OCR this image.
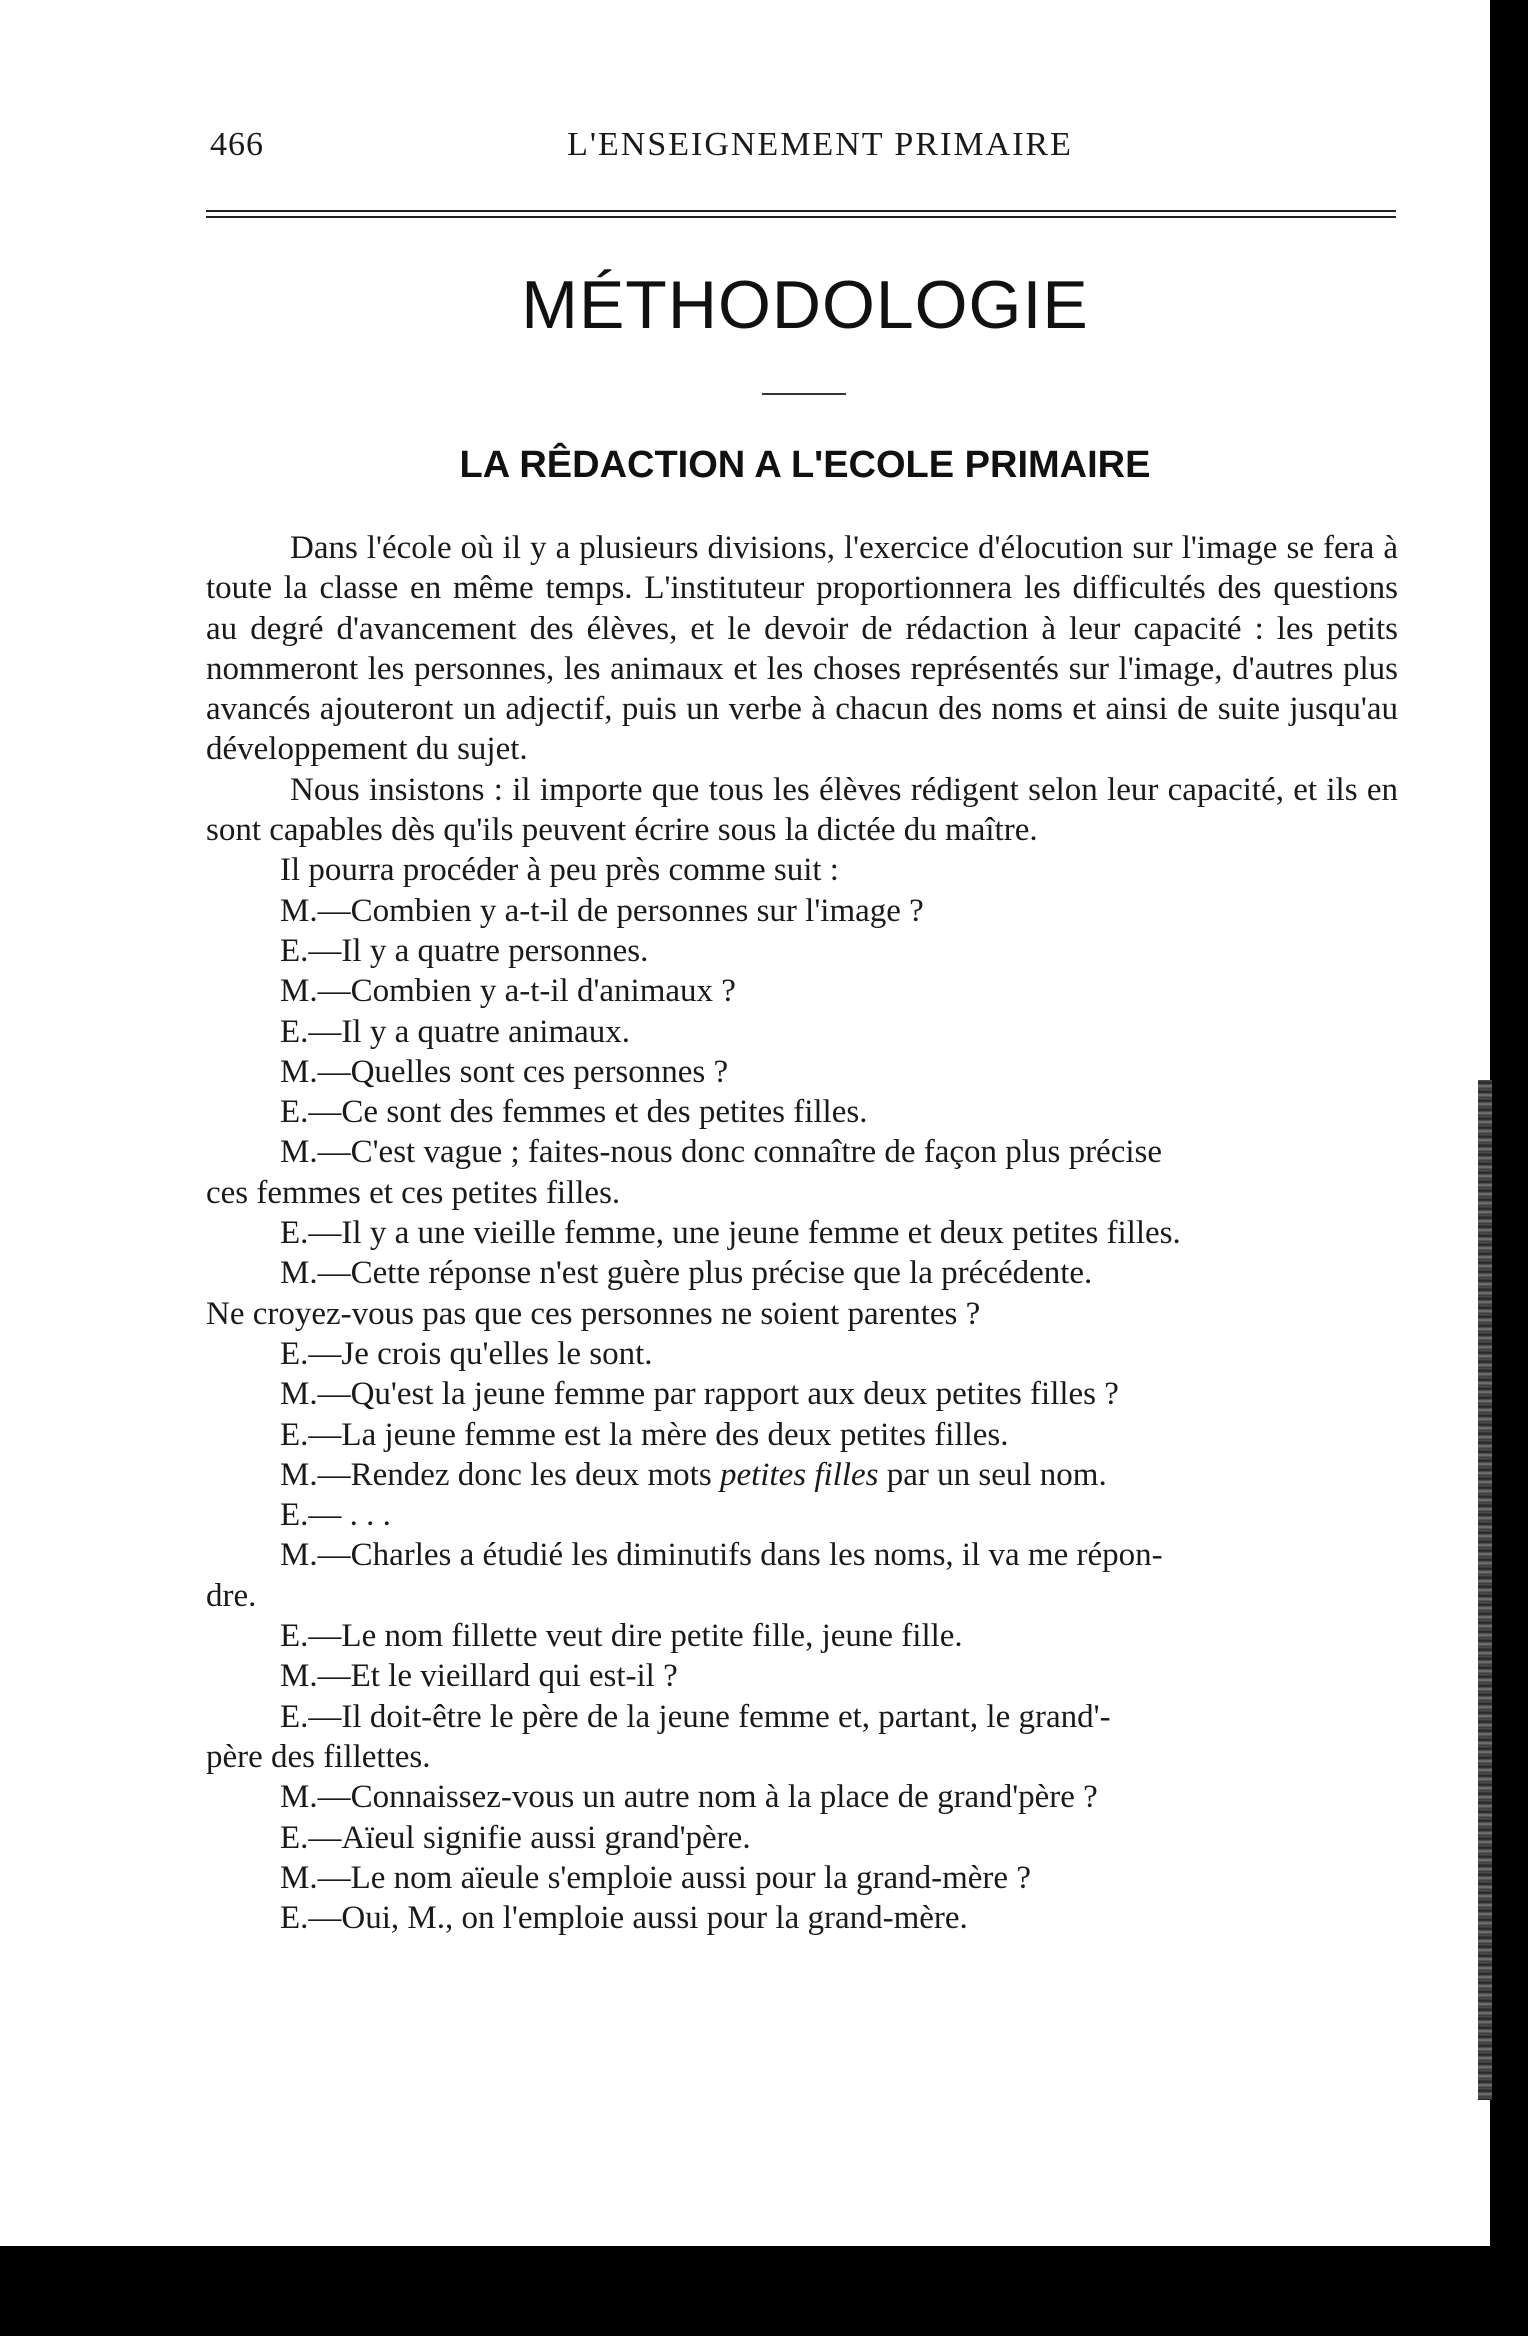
466	L'ENSEIGNEMENT PRIMAIRE
MÉTHODOLOGIE
LA RÊDACTION A L'ECOLE PRIMAIRE

Dans l'école où il y a plusieurs divisions, l'exercice d'élocution sur l'image se fera à toute la classe en même temps. L'instituteur proportionnera les difficultés des questions au degré d'avancement des élèves, et le devoir de rédaction à leur capacité : les petits nommeront les personnes, les animaux et les choses représentés sur l'image, d'autres plus avancés ajouteront un adjectif, puis un verbe à chacun des noms et ainsi de suite jusqu'au développement du sujet.

Nous insistons : il importe que tous les élèves rédigent selon leur capacité, et ils en sont capables dès qu'ils peuvent écrire sous la dictée du maître.

Il pourra procéder à peu près comme suit :

M.—Combien y a-t-il de personnes sur l'image ?

E.—Il y a quatre personnes.

M.—Combien y a-t-il d'animaux ?

E.—Il y a quatre animaux.

M.—Quelles sont ces personnes ?

E.—Ce sont des femmes et des petites filles.

M.—C'est vague ; faites-nous donc connaître de façon plus précise

ces femmes et ces petites filles.

E.—Il y a une vieille femme, une jeune femme et deux petites filles.

M.—Cette réponse n'est guère plus précise que la précédente.

Ne croyez-vous pas que ces personnes ne soient parentes ?

E.—Je crois qu'elles le sont.

M.—Qu'est la jeune femme par rapport aux deux petites filles ?

E.—La jeune femme est la mère des deux petites filles.

M.—Rendez donc les deux mots petites filles par un seul nom.

E.— . . .

M.—Charles a étudié les diminutifs dans les noms, il va me répon-

dre.

E.—Le nom fillette veut dire petite fille, jeune fille.

M.—Et le vieillard qui est-il ?

E.—Il doit-être le père de la jeune femme et, partant, le grand'-

père des fillettes.

M.—Connaissez-vous un autre nom à la place de grand'père ?

E.—Aïeul signifie aussi grand'père.

M.—Le nom aïeule s'emploie aussi pour la grand-mère ?

E.—Oui, M., on l'emploie aussi pour la grand-mère.
